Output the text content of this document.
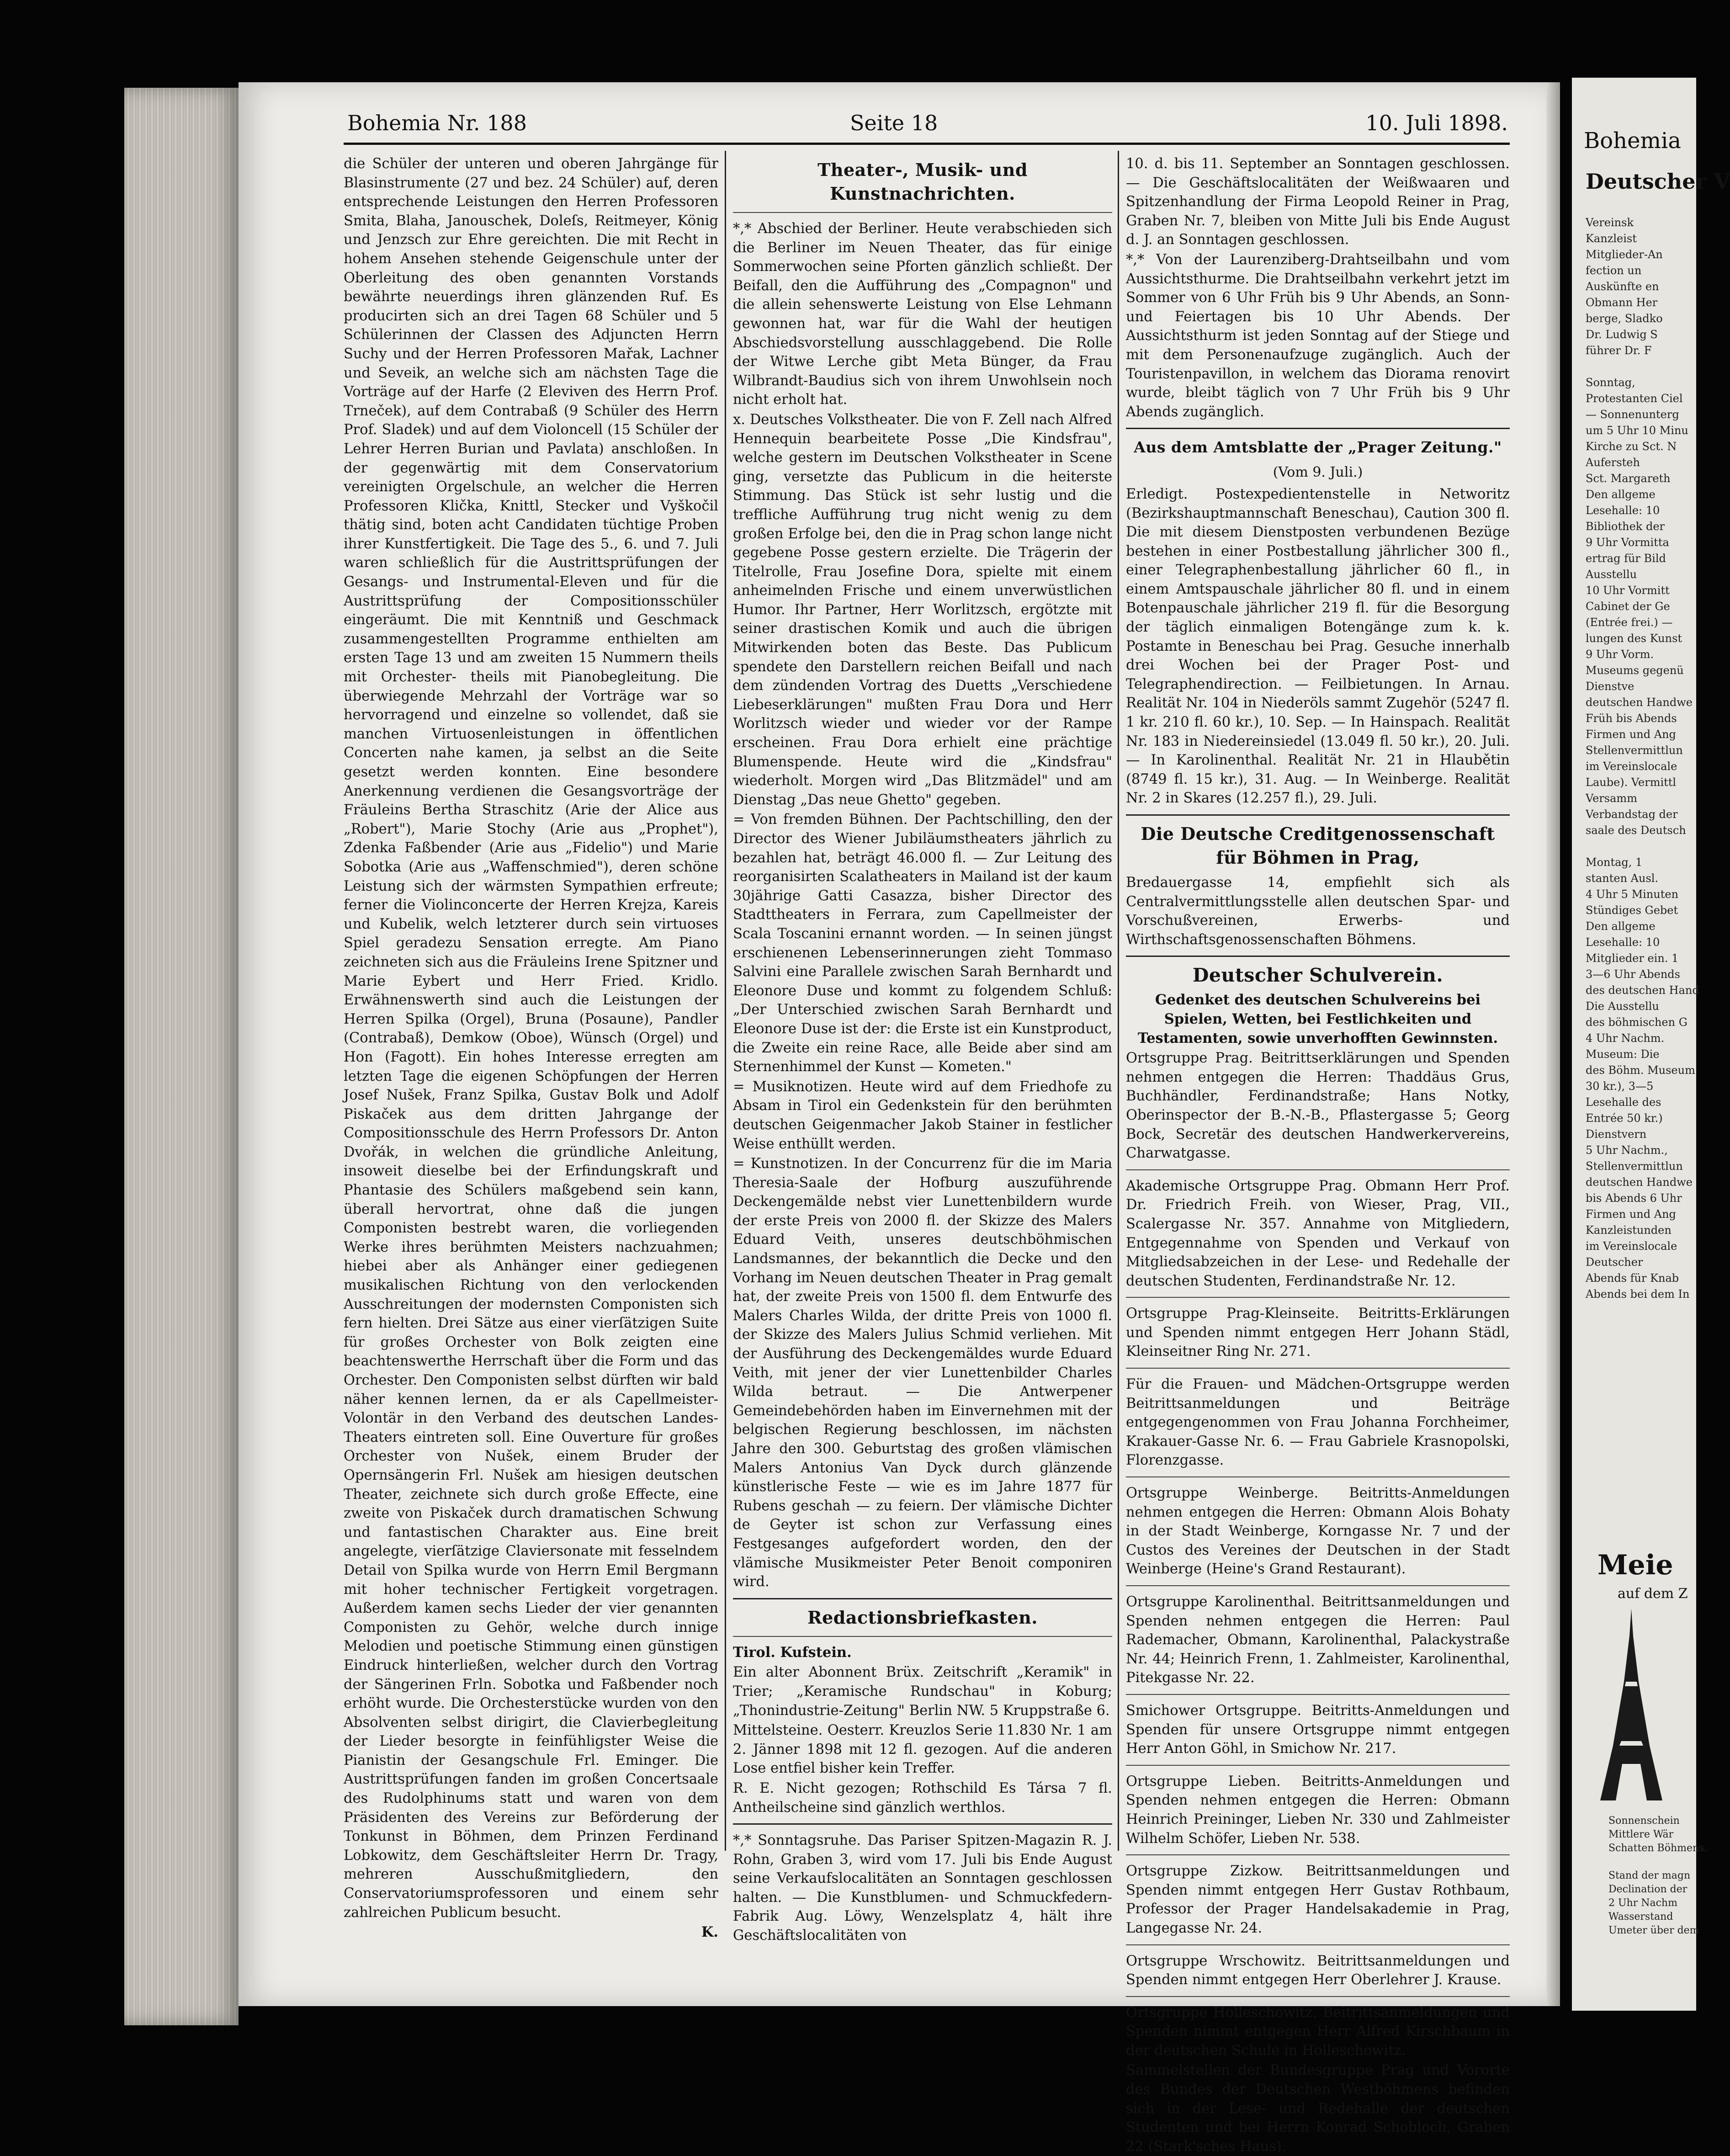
Bohemia Nr. 188	Seite 18	10. Juli 1898.

die Schüler der unteren und oberen Jahrgänge für Blasinstrumente (27 und bez. 24 Schüler) auf, deren entsprechende Leistungen den Herren Professoren Smita, Blaha, Janouschek, Doleſs, Reitmeyer, König und Jenzsch zur Ehre gereichten. Die mit Recht in hohem Ansehen stehende Geigenschule unter der Oberleitung des oben genannten Vorstands bewährte neuerdings ihren glänzenden Ruf. Es producirten sich an drei Tagen 68 Schüler und 5 Schülerinnen der Classen des Adjuncten Herrn Suchy und der Herren Professoren Mařak, Lachner und Seveik, an welche sich am nächsten Tage die Vorträge auf der Harfe (2 Eleviven des Herrn Prof. Trneček), auf dem Contrabaß (9 Schüler des Herrn Prof. Sladek) und auf dem Violoncell (15 Schüler der Lehrer Herren Burian und Pavlata) anschloßen. In der gegenwärtig mit dem Conservatorium vereinigten Orgelschule, an welcher die Herren Professoren Klička, Knittl, Stecker und Vyškočil thätig sind, boten acht Candidaten tüchtige Proben ihrer Kunstfertigkeit. Die Tage des 5., 6. und 7. Juli waren schließlich für die Austrittsprüfungen der Gesangs- und Instrumental-Eleven und für die Austrittsprüfung der Compositionsschüler eingeräumt. Die mit Kenntniß und Geschmack zusammengestellten Programme enthielten am ersten Tage 13 und am zweiten 15 Nummern theils mit Orchester- theils mit Pianobegleitung. Die überwiegende Mehrzahl der Vorträge war so hervorragend und einzelne so vollendet, daß sie manchen Virtuosenleistungen in öffentlichen Concerten nahe kamen, ja selbst an die Seite gesetzt werden konnten. Eine besondere Anerkennung verdienen die Gesangsvorträge der Fräuleins Bertha Straschitz (Arie der Alice aus „Robert"), Marie Stochy (Arie aus „Prophet"), Zdenka Faßbender (Arie aus „Fidelio") und Marie Sobotka (Arie aus „Waffenschmied"), deren schöne Leistung sich der wärmsten Sympathien erfreute; ferner die Violinconcerte der Herren Krejza, Kareis und Kubelik, welch letzterer durch sein virtuoses Spiel geradezu Sensation erregte. Am Piano zeichneten sich aus die Fräuleins Irene Spitzner und Marie Eybert und Herr Fried. Kridlo. Erwähnenswerth sind auch die Leistungen der Herren Spilka (Orgel), Bruna (Posaune), Pandler (Contrabaß), Demkow (Oboe), Wünsch (Orgel) und Hon (Fagott). Ein hohes Interesse erregten am letzten Tage die eigenen Schöpfungen der Herren Josef Nušek, Franz Spilka, Gustav Bolk und Adolf Piskaček aus dem dritten Jahrgange der Compositionsschule des Herrn Professors Dr. Anton Dvořák, in welchen die gründliche Anleitung, insoweit dieselbe bei der Erfindungskraft und Phantasie des Schülers maßgebend sein kann, überall hervortrat, ohne daß die jungen Componisten bestrebt waren, die vorliegenden Werke ihres berühmten Meisters nachzuahmen; hiebei aber als Anhänger einer gediegenen musikalischen Richtung von den verlockenden Ausschreitungen der modernsten Componisten sich fern hielten. Drei Sätze aus einer vierſätzigen Suite für großes Orchester von Bolk zeigten eine beachtenswerthe Herrschaft über die Form und das Orchester. Den Componisten selbst dürften wir bald näher kennen lernen, da er als Capellmeister-Volontär in den Verband des deutschen Landes-Theaters eintreten soll. Eine Ouverture für großes Orchester von Nušek, einem Bruder der Opernsängerin Frl. Nušek am hiesigen deutschen Theater, zeichnete sich durch große Effecte, eine zweite von Piskaček durch dramatischen Schwung und fantastischen Charakter aus. Eine breit angelegte, vierſätzige Claviersonate mit fesselndem Detail von Spilka wurde von Herrn Emil Bergmann mit hoher technischer Fertigkeit vorgetragen. Außerdem kamen sechs Lieder der vier genannten Componisten zu Gehör, welche durch innige Melodien und poetische Stimmung einen günstigen Eindruck hinterließen, welcher durch den Vortrag der Sängerinen Frln. Sobotka und Faßbender noch erhöht wurde. Die Orchesterstücke wurden von den Absolventen selbst dirigirt, die Clavierbegleitung der Lieder besorgte in feinfühligster Weise die Pianistin der Gesangschule Frl. Eminger. Die Austrittsprüfungen fanden im großen Concertsaale des Rudolphinums statt und waren von dem Präsidenten des Vereins zur Beförderung der Tonkunst in Böhmen, dem Prinzen Ferdinand Lobkowitz, dem Geschäftsleiter Herrn Dr. Tragy, mehreren Ausschußmitgliedern, den Conservatoriumsprofessoren und einem sehr zahlreichen Publicum besucht.

K.

Theater-, Musik- und Kunstnachrichten.

*,* Abschied der Berliner. Heute verabschieden sich die Berliner im Neuen Theater, das für einige Sommerwochen seine Pforten gänzlich schließt. Der Beifall, den die Aufführung des „Compagnon" und die allein sehenswerte Leistung von Else Lehmann gewonnen hat, war für die Wahl der heutigen Abschiedsvorstellung ausschlaggebend. Die Rolle der Witwe Lerche gibt Meta Bünger, da Frau Wilbrandt-Baudius sich von ihrem Unwohlsein noch nicht erholt hat.

x. Deutsches Volkstheater. Die von F. Zell nach Alfred Hennequin bearbeitete Posse „Die Kindsfrau", welche gestern im Deutschen Volkstheater in Scene ging, versetzte das Publicum in die heiterste Stimmung. Das Stück ist sehr lustig und die treffliche Aufführung trug nicht wenig zu dem großen Erfolge bei, den die in Prag schon lange nicht gegebene Posse gestern erzielte. Die Trägerin der Titelrolle, Frau Josefine Dora, spielte mit einem anheimelnden Frische und einem unverwüstlichen Humor. Ihr Partner, Herr Worlitzsch, ergötzte mit seiner drastischen Komik und auch die übrigen Mitwirkenden boten das Beste. Das Publicum spendete den Darstellern reichen Beifall und nach dem zündenden Vortrag des Duetts „Verschiedene Liebeserklärungen" mußten Frau Dora und Herr Worlitzsch wieder und wieder vor der Rampe erscheinen. Frau Dora erhielt eine prächtige Blumenspende. Heute wird die „Kindsfrau" wiederholt. Morgen wird „Das Blitzmädel" und am Dienstag „Das neue Ghetto" gegeben.

= Von fremden Bühnen. Der Pachtschilling, den der Director des Wiener Jubiläumstheaters jährlich zu bezahlen hat, beträgt 46.000 fl. — Zur Leitung des reorganisirten Scalatheaters in Mailand ist der kaum 30jährige Gatti Casazza, bisher Director des Stadttheaters in Ferrara, zum Capellmeister der Scala Toscanini ernannt worden. — In seinen jüngst erschienenen Lebenserinnerungen zieht Tommaso Salvini eine Parallele zwischen Sarah Bernhardt und Eleonore Duse und kommt zu folgendem Schluß: „Der Unterschied zwischen Sarah Bernhardt und Eleonore Duse ist der: die Erste ist ein Kunstproduct, die Zweite ein reine Race, alle Beide aber sind am Sternenhimmel der Kunst — Kometen."

= Musiknotizen. Heute wird auf dem Friedhofe zu Absam in Tirol ein Gedenkstein für den berühmten deutschen Geigenmacher Jakob Stainer in festlicher Weise enthüllt werden.

= Kunstnotizen. In der Concurrenz für die im Maria Theresia-Saale der Hofburg auszuführende Deckengemälde nebst vier Lunettenbildern wurde der erste Preis von 2000 fl. der Skizze des Malers Eduard Veith, unseres deutschböhmischen Landsmannes, der bekanntlich die Decke und den Vorhang im Neuen deutschen Theater in Prag gemalt hat, der zweite Preis von 1500 fl. dem Entwurfe des Malers Charles Wilda, der dritte Preis von 1000 fl. der Skizze des Malers Julius Schmid verliehen. Mit der Ausführung des Deckengemäldes wurde Eduard Veith, mit jener der vier Lunettenbilder Charles Wilda betraut. — Die Antwerpener Gemeindebehörden haben im Einvernehmen mit der belgischen Regierung beschlossen, im nächsten Jahre den 300. Geburtstag des großen vlämischen Malers Antonius Van Dyck durch glänzende künstlerische Feste — wie es im Jahre 1877 für Rubens geschah — zu feiern. Der vlämische Dichter de Geyter ist schon zur Verfassung eines Festgesanges aufgefordert worden, den der vlämische Musikmeister Peter Benoit componiren wird.

Redactionsbriefkasten.

Tirol. Kufstein.

Ein alter Abonnent Brüx. Zeitschrift „Keramik" in Trier; „Keramische Rundschau" in Koburg; „Thonindustrie-Zeitung" Berlin NW. 5 Kruppstraße 6.

Mittelsteine. Oesterr. Kreuzlos Serie 11.830 Nr. 1 am 2. Jänner 1898 mit 12 fl. gezogen. Auf die anderen Lose entfiel bisher kein Treffer.

R. E. Nicht gezogen; Rothschild Es Társa 7 fl. Antheilscheine sind gänzlich werthlos.

*,* Sonntagsruhe. Das Pariser Spitzen-Magazin R. J. Rohn, Graben 3, wird vom 17. Juli bis Ende August seine Verkaufslocalitäten an Sonntagen geschlossen halten. — Die Kunstblumen- und Schmuckfedern-Fabrik Aug. Löwy, Wenzelsplatz 4, hält ihre Geschäftslocalitäten von

10. d. bis 11. September an Sonntagen geschlossen. — Die Geschäftslocalitäten der Weißwaaren und Spitzenhandlung der Firma Leopold Reiner in Prag, Graben Nr. 7, bleiben von Mitte Juli bis Ende August d. J. an Sonntagen geschlossen.

*,* Von der Laurenziberg-Drahtseilbahn und vom Aussichtsthurme. Die Drahtseilbahn verkehrt jetzt im Sommer von 6 Uhr Früh bis 9 Uhr Abends, an Sonn- und Feiertagen bis 10 Uhr Abends. Der Aussichtsthurm ist jeden Sonntag auf der Stiege und mit dem Personenaufzuge zugänglich. Auch der Touristenpavillon, in welchem das Diorama renovirt wurde, bleibt täglich von 7 Uhr Früh bis 9 Uhr Abends zugänglich.

Aus dem Amtsblatte der „Prager Zeitung."
(Vom 9. Juli.)

Erledigt. Postexpedientenstelle in Networitz (Bezirkshauptmannschaft Beneschau), Caution 300 fl. Die mit diesem Dienstposten verbundenen Bezüge bestehen in einer Postbestallung jährlicher 300 fl., einer Telegraphenbestallung jährlicher 60 fl., in einem Amtspauschale jährlicher 80 fl. und in einem Botenpauschale jährlicher 219 fl. für die Besorgung der täglich einmaligen Botengänge zum k. k. Postamte in Beneschau bei Prag. Gesuche innerhalb drei Wochen bei der Prager Post- und Telegraphendirection. — Feilbietungen. In Arnau. Realität Nr. 104 in Niederöls sammt Zugehör (5247 fl. 1 kr. 210 fl. 60 kr.), 10. Sep. — In Hainspach. Realität Nr. 183 in Niedereinsiedel (13.049 fl. 50 kr.), 20. Juli. — In Karolinenthal. Realität Nr. 21 in Hlaubětin (8749 fl. 15 kr.), 31. Aug. — In Weinberge. Realität Nr. 2 in Skares (12.257 fl.), 29. Juli.

Die Deutsche Creditgenossenschaft für Böhmen in Prag,

Bredauergasse 14, empfiehlt sich als Centralvermittlungsstelle allen deutschen Spar- und Vorschußvereinen, Erwerbs- und Wirthschaftsgenossenschaften Böhmens.

Deutscher Schulverein.

Gedenket des deutschen Schulvereins bei Spielen, Wetten, bei Festlichkeiten und Testamenten, sowie unverhofften Gewinnsten.

Ortsgruppe Prag. Beitrittserklärungen und Spenden nehmen entgegen die Herren: Thaddäus Grus, Buchhändler, Ferdinandstraße; Hans Notky, Oberinspector der B.-N.-B., Pflastergasse 5; Georg Bock, Secretär des deutschen Handwerkervereins, Charwatgasse.

Akademische Ortsgruppe Prag. Obmann Herr Prof. Dr. Friedrich Freih. von Wieser, Prag, VII., Scalergasse Nr. 357. Annahme von Mitgliedern, Entgegennahme von Spenden und Verkauf von Mitgliedsabzeichen in der Lese- und Redehalle der deutschen Studenten, Ferdinandstraße Nr. 12.

Ortsgruppe Prag-Kleinseite. Beitritts-Erklärungen und Spenden nimmt entgegen Herr Johann Städl, Kleinseitner Ring Nr. 271.

Für die Frauen- und Mädchen-Ortsgruppe werden Beitrittsanmeldungen und Beiträge entgegengenommen von Frau Johanna Forchheimer, Krakauer-Gasse Nr. 6. — Frau Gabriele Krasnopolski, Florenzgasse.

Ortsgruppe Weinberge. Beitritts-Anmeldungen nehmen entgegen die Herren: Obmann Alois Bohaty in der Stadt Weinberge, Korngasse Nr. 7 und der Custos des Vereines der Deutschen in der Stadt Weinberge (Heine's Grand Restaurant).

Ortsgruppe Karolinenthal. Beitrittsanmeldungen und Spenden nehmen entgegen die Herren: Paul Rademacher, Obmann, Karolinenthal, Palackystraße Nr. 44; Heinrich Frenn, 1. Zahlmeister, Karolinenthal, Pitekgasse Nr. 22.

Smichower Ortsgruppe. Beitritts-Anmeldungen und Spenden für unsere Ortsgruppe nimmt entgegen Herr Anton Göhl, in Smichow Nr. 217.

Ortsgruppe Lieben. Beitritts-Anmeldungen und Spenden nehmen entgegen die Herren: Obmann Heinrich Preininger, Lieben Nr. 330 und Zahlmeister Wilhelm Schöfer, Lieben Nr. 538.

Ortsgruppe Zizkow. Beitrittsanmeldungen und Spenden nimmt entgegen Herr Gustav Rothbaum, Professor der Prager Handelsakademie in Prag, Langegasse Nr. 24.

Ortsgruppe Wrschowitz. Beitrittsanmeldungen und Spenden nimmt entgegen Herr Oberlehrer J. Krause.

Ortsgruppe Holleschowitz. Beitrittsanmeldungen und Spenden nimmt entgegen Herr Alfred Kirschbaum in der deutschen Schule in Holleschowitz.

Sammelstellen der Bundesgruppe Prag und Vororte des Bundes der Deutschen Westböhmens befinden sich in der Lese- und Redehalle der deutschen Studenten und bei Herrn Konrad Schobloch, Graben 22 (Stark'sches Haus).

Bohemia
Deutscher V
Vereinsk
Kanzleist
Mitglieder-An
fection un
Auskünfte en
Obmann Her
berge, Sladko
Dr. Ludwig S
führer Dr. F

Sonntag,
Protestanten Ciel
— Sonnenunterg
um 5 Uhr 10 Minu
Kirche zu Sct. N
Aufersteh
Sct. Margareth
Den allgeme
Lesehalle: 10
Bibliothek der
9 Uhr Vormitta
ertrag für Bild
Ausstellu
10 Uhr Vormitt
Cabinet der Ge
(Entrée frei.) —
lungen des Kunst
9 Uhr Vorm.
Museums gegenü
Dienstve
deutschen Handwe
Früh bis Abends
Firmen und Ang
Stellenvermittlun
im Vereinslocale
Laube). Vermittl
Versamm
Verbandstag der
saale des Deutsch

Montag, 1
stanten Ausl.
4 Uhr 5 Minuten
Stündiges Gebet
Den allgeme
Lesehalle: 10
Mitglieder ein. 1
3—6 Uhr Abends
des deutschen Hand
Die Ausstellu
des böhmischen G
4 Uhr Nachm.
Museum: Die
des Böhm. Museum
30 kr.), 3—5
Lesehalle des
Entrée 50 kr.)
Dienstvern
5 Uhr Nachm.,
Stellenvermittlun
deutschen Handwe
bis Abends 6 Uhr
Firmen und Ang
Kanzleistunden
im Vereinslocale
Deutscher
Abends für Knab
Abends bei dem In
Meie
auf dem Z
Sonnenschein
Mittlere Wär
Schatten Böhmens.

Stand der magn
Declination der
2 Uhr Nachm
Wasserstand
Umeter über dem
